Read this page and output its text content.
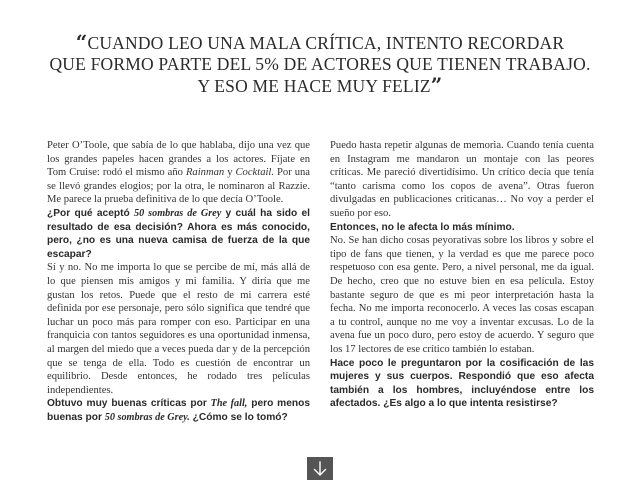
“CUANDO LEO UNA MALA CRÍTICA, INTENTO RECORDAR
QUE FORMO PARTE DEL 5% DE ACTORES QUE TIENEN TRABAJO.
Y ESO ME HACE MUY FELIZ”

Peter O’Toole, que sabía de lo que hablaba, dijo una vez que los grandes papeles hacen grandes a los actores. Fíjate en Tom Cruise: rodó el mismo año Rainman y Cocktail. Por una se llevó grandes elogios; por la otra, le nominaron al Razzie. Me parece la prueba definitiva de lo que decía O’Toole.

¿Por qué aceptó 50 sombras de Grey y cuál ha sido el resultado de esa decisión? Ahora es más conocido, pero, ¿no es una nueva camisa de fuerza de la que escapar?

Sí y no. No me importa lo que se percibe de mí, más allá de lo que piensen mis amigos y mi familia. Y diría que me gustan los retos. Puede que el resto de mi carrera esté definida por ese personaje, pero sólo significa que tendré que luchar un poco más para romper con eso. Participar en una franquicia con tantos seguidores es una oportunidad inmensa, al margen del miedo que a veces pueda dar y de la percepción que se tenga de ella. Todo es cuestión de encontrar un equilibrio. Desde entonces, he rodado tres películas independientes.

Obtuvo muy buenas críticas por The fall, pero menos buenas por 50 sombras de Grey. ¿Cómo se lo tomó?

Puedo hasta repetir algunas de memoria. Cuando tenía cuenta en Instagram me mandaron un montaje con las peores críticas. Me pareció divertidísimo. Un crítico decía que tenía “tanto carisma como los copos de avena”. Otras fueron divulgadas en publicaciones criticanas… No voy a perder el sueño por eso.

Entonces, no le afecta lo más mínimo.

No. Se han dicho cosas peyorativas sobre los libros y sobre el tipo de fans que tienen, y la verdad es que me parece poco respetuoso con esa gente. Pero, a nivel personal, me da igual. De hecho, creo que no estuve bien en esa película. Estoy bastante seguro de que es mi peor interpretación hasta la fecha. No me importa reconocerlo. A veces las cosas escapan a tu control, aunque no me voy a inventar excusas. Lo de la avena fue un poco duro, pero estoy de acuerdo. Y seguro que los 17 lectores de ese crítico también lo estaban.

Hace poco le preguntaron por la cosificación de las mujeres y sus cuerpos. Respondió que eso afecta también a los hombres, incluyéndose entre los afectados. ¿Es algo a lo que intenta resistirse?
